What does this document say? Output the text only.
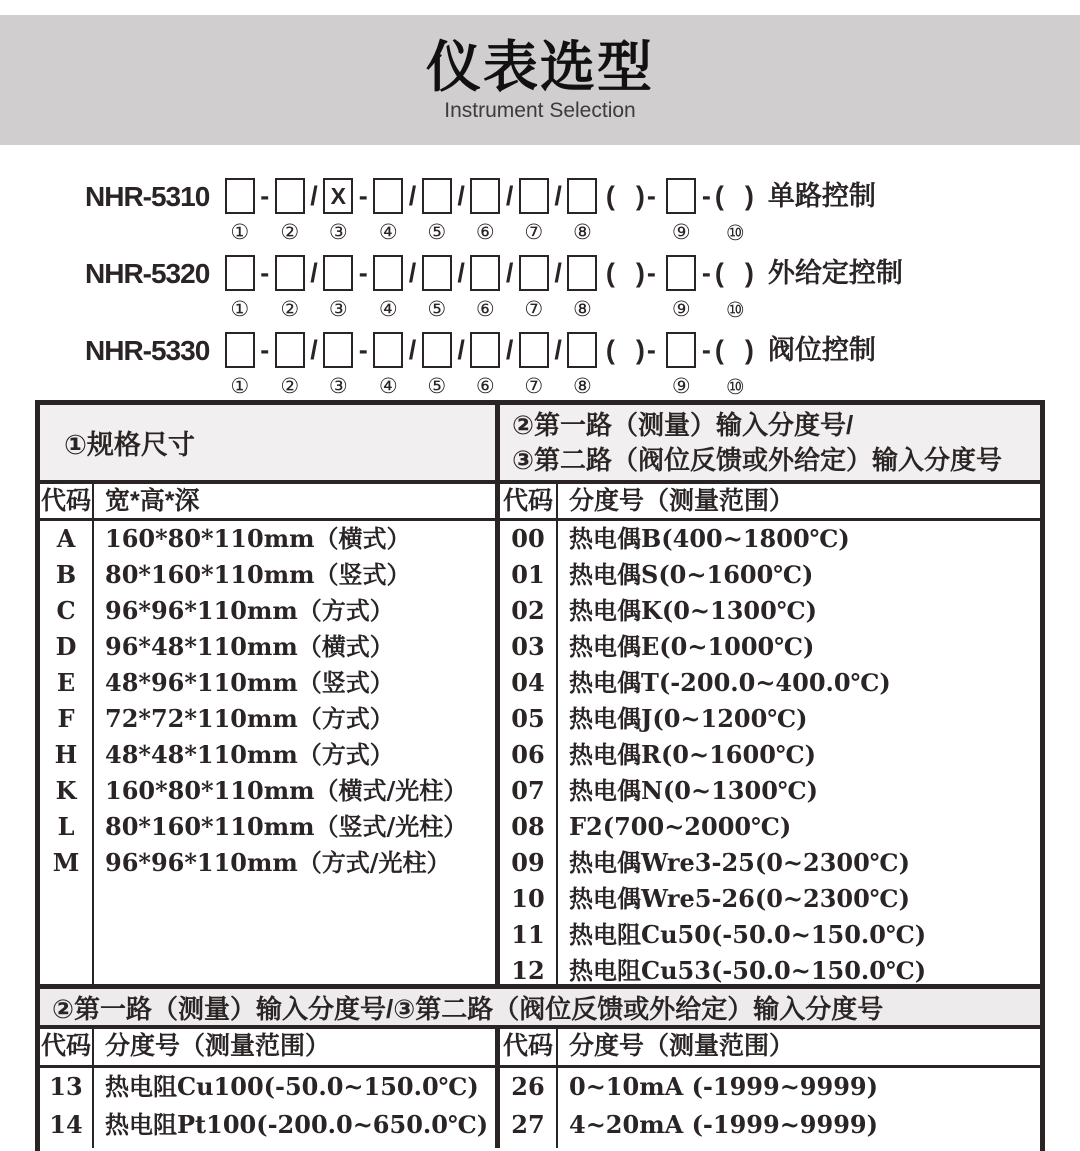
仪表选型
Instrument Selection
NHR-5310
①
-
②
/ X
③
-
④
/
⑤
/
⑥
/
⑦
/
⑧
(  )-
⑨
- (  )
⑩
单路控制
NHR-5320
①
-
②
/
③
-
④
/
⑤
/
⑥
/
⑦
/
⑧
(  )-
⑨
- (  )
⑩
外给定控制
NHR-5330
①
-
②
/
③
-
④
/
⑤
/
⑥
/
⑦
/
⑧
(  )-
⑨
- (  )
⑩
阀位控制
①规格尺寸
②第一路（测量）输入分度号/
③第二路（阀位反馈或外给定）输入分度号
代码 宽*高*深	代码 分度号（测量范围）
A
B
C
D
E
F
H
K
L
M
160*80*110mm（横式）
80*160*110mm（竖式）
96*96*110mm（方式）
96*48*110mm（横式）
48*96*110mm（竖式）
72*72*110mm（方式）
48*48*110mm（方式）
160*80*110mm（横式/光柱）
80*160*110mm（竖式/光柱）
96*96*110mm（方式/光柱）
00
01
02
03
04
05
06
07
08
09
10
11
12
热电偶B(400~1800℃)
热电偶S(0~1600℃)
热电偶K(0~1300℃)
热电偶E(0~1000℃)
热电偶T(-200.0~400.0℃)
热电偶J(0~1200℃)
热电偶R(0~1600℃)
热电偶N(0~1300℃)
F2(700~2000℃)
热电偶Wre3-25(0~2300℃)
热电偶Wre5-26(0~2300℃)
热电阻Cu50(-50.0~150.0℃)
热电阻Cu53(-50.0~150.0℃)
②第一路（测量）输入分度号/③第二路（阀位反馈或外给定）输入分度号
代码 分度号（测量范围）	代码 分度号（测量范围）
13
14
热电阻Cu100(-50.0~150.0℃)
热电阻Pt100(-200.0~650.0℃)
26
27
0~10mA (-1999~9999)
4~20mA (-1999~9999)
